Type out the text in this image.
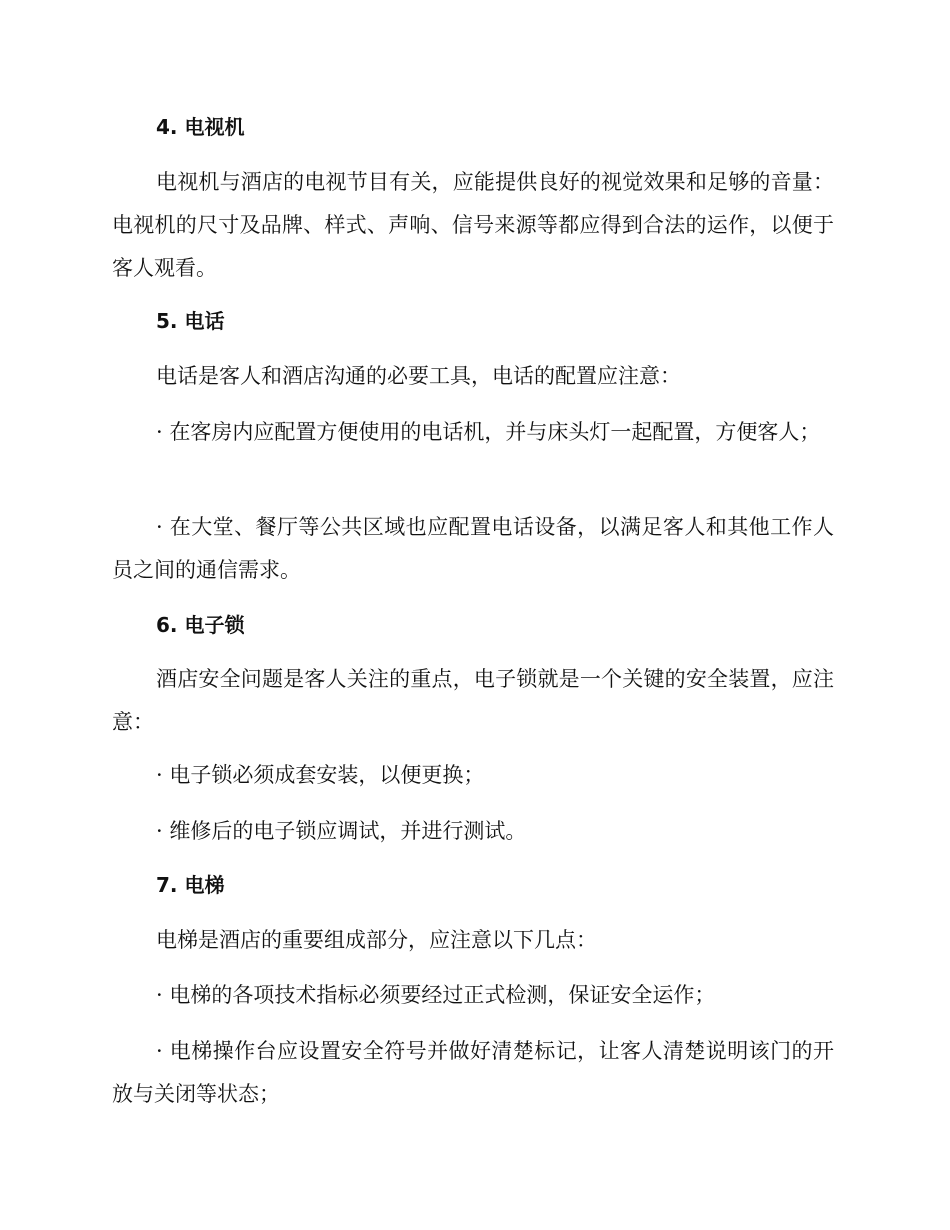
4. 电视机

电视机与酒店的电视节目有关，应能提供良好的视觉效果和足够的音量：电视机的尺寸及品牌、样式、声响、信号来源等都应得到合法的运作，以便于客人观看。

5. 电话

电话是客人和酒店沟通的必要工具，电话的配置应注意：

· 在客房内应配置方便使用的电话机，并与床头灯一起配置，方便客人；

· 在大堂、餐厅等公共区域也应配置电话设备，以满足客人和其他工作人员之间的通信需求。

6. 电子锁

酒店安全问题是客人关注的重点，电子锁就是一个关键的安全装置，应注意：

· 电子锁必须成套安装，以便更换；

· 维修后的电子锁应调试，并进行测试。

7. 电梯

电梯是酒店的重要组成部分，应注意以下几点：

· 电梯的各项技术指标必须要经过正式检测，保证安全运作；

· 电梯操作台应设置安全符号并做好清楚标记，让客人清楚说明该门的开放与关闭等状态；
